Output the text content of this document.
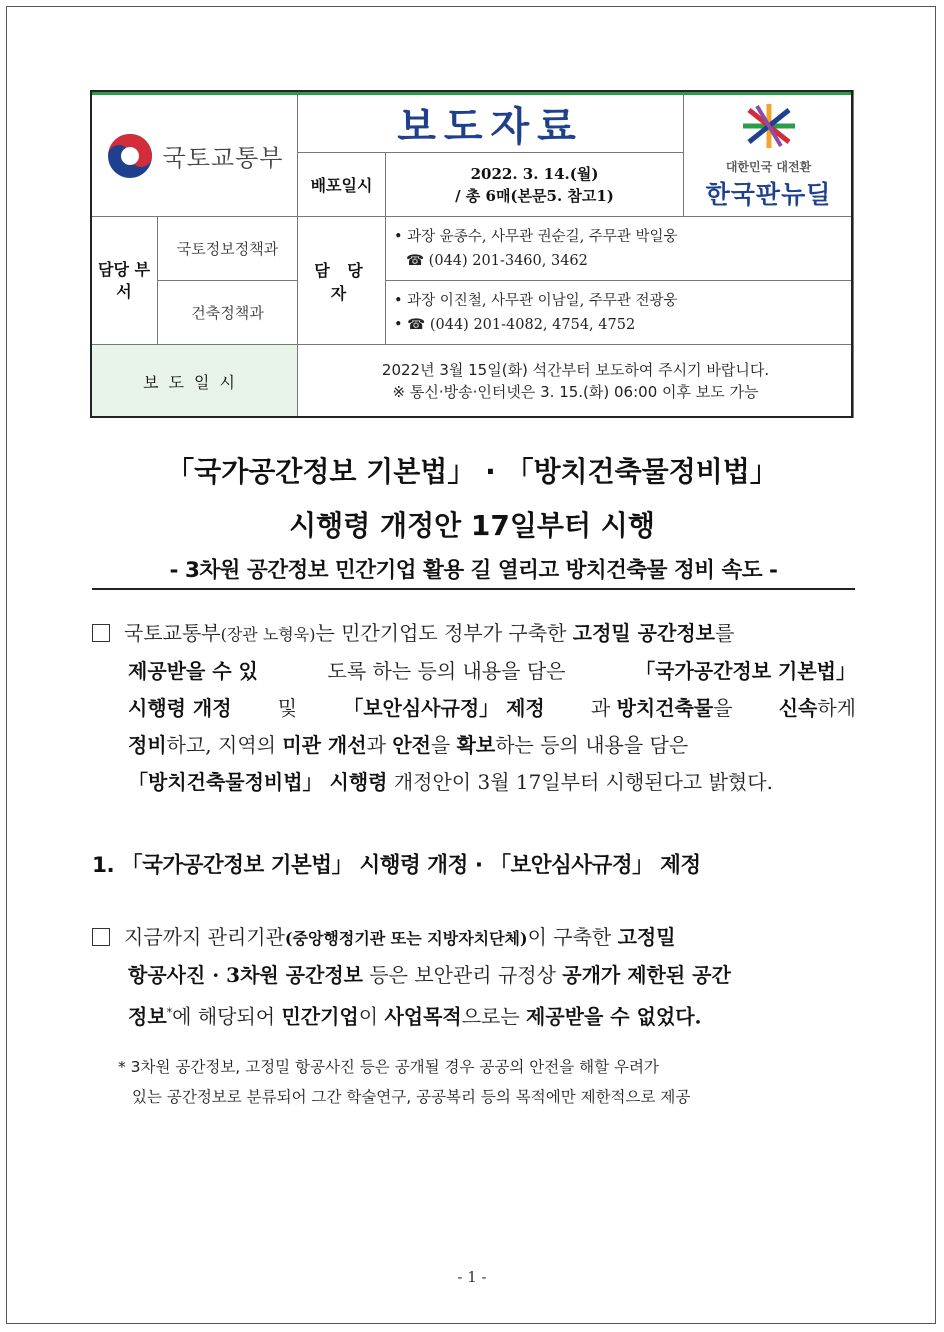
국토교통부		보도자료		대한민국 대전환
한국판뉴딜

		배포일시	2022. 3. 14.(월)
/ 총 6매(본문5. 참고1)	

담당 부서	국토정보정책과	담 당 자	• 과장 윤종수, 사무관 권순길, 주무관 박일웅
☎ (044) 201-3460, 3462	

	건축정책과		• 과장 이진철, 사무관 이남일, 주무관 전광웅
• ☎ (044) 201-4082, 4754, 4752	

보도일시		2022년 3월 15일(화) 석간부터 보도하여 주시기 바랍니다.
※ 통신·방송·인터넷은 3. 15.(화) 06:00 이후 보도 가능		
「국가공간정보 기본법」 · 「방치건축물정비법」
시행령 개정안 17일부터 시행
- 3차원 공간정보 민간기업 활용 길 열리고 방치건축물 정비 속도 -
국토교통부(장관 노형욱)는 민간기업도 정부가 구축한 고정밀 공간정보를
제공받을 수 있	도록 하는 등의 내용을 담은	「국가공간정보 기본법」
시행령 개정 및 「보안심사규정」 제정 과 방치건축물을 신속하게
정비하고, 지역의 미관 개선과 안전을 확보하는 등의 내용을 담은
「방치건축물정비법」 시행령 개정안이 3월 17일부터 시행된다고 밝혔다.
1. 「국가공간정보 기본법」 시행령 개정 · 「보안심사규정」 제정
지금까지 관리기관(중앙행정기관 또는 지방자치단체)이 구축한 고정밀
항공사진 · 3차원 공간정보 등은 보안관리 규정상 공개가 제한된 공간
정보*에 해당되어 민간기업이 사업목적으로는 제공받을 수 없었다.
* 3차원 공간정보, 고정밀 항공사진 등은 공개될 경우 공공의 안전을 해할 우려가
있는 공간정보로 분류되어 그간 학술연구, 공공복리 등의 목적에만 제한적으로 제공
- 1 -
